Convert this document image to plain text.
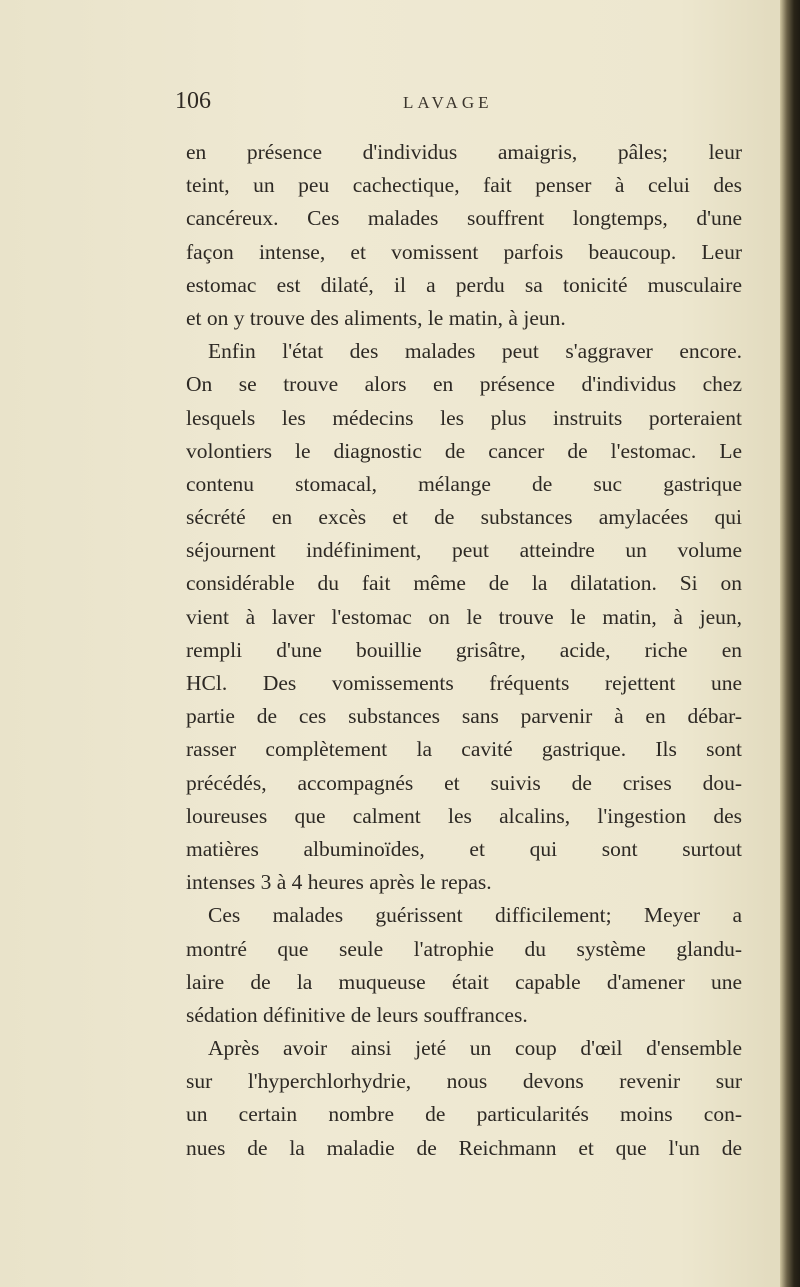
106	LAVAGE
en présence d'individus amaigris, pâles; leur
teint, un peu cachectique, fait penser à celui des
cancéreux. Ces malades souffrent longtemps, d'une
façon intense, et vomissent parfois beaucoup. Leur
estomac est dilaté, il a perdu sa tonicité musculaire
et on y trouve des aliments, le matin, à jeun.
Enfin l'état des malades peut s'aggraver encore.
On se trouve alors en présence d'individus chez
lesquels les médecins les plus instruits porteraient
volontiers le diagnostic de cancer de l'estomac. Le
contenu stomacal, mélange de suc gastrique
sécrété en excès et de substances amylacées qui
séjournent indéfiniment, peut atteindre un volume
considérable du fait même de la dilatation. Si on
vient à laver l'estomac on le trouve le matin, à jeun,
rempli d'une bouillie grisâtre, acide, riche en
HCl. Des vomissements fréquents rejettent une
partie de ces substances sans parvenir à en débar-
rasser complètement la cavité gastrique. Ils sont
précédés, accompagnés et suivis de crises dou-
loureuses que calment les alcalins, l'ingestion des
matières albuminoïdes, et qui sont surtout
intenses 3 à 4 heures après le repas.
Ces malades guérissent difficilement; Meyer a
montré que seule l'atrophie du système glandu-
laire de la muqueuse était capable d'amener une
sédation définitive de leurs souffrances.
Après avoir ainsi jeté un coup d'œil d'ensemble
sur l'hyperchlorhydrie, nous devons revenir sur
un certain nombre de particularités moins con-
nues de la maladie de Reichmann et que l'un de
